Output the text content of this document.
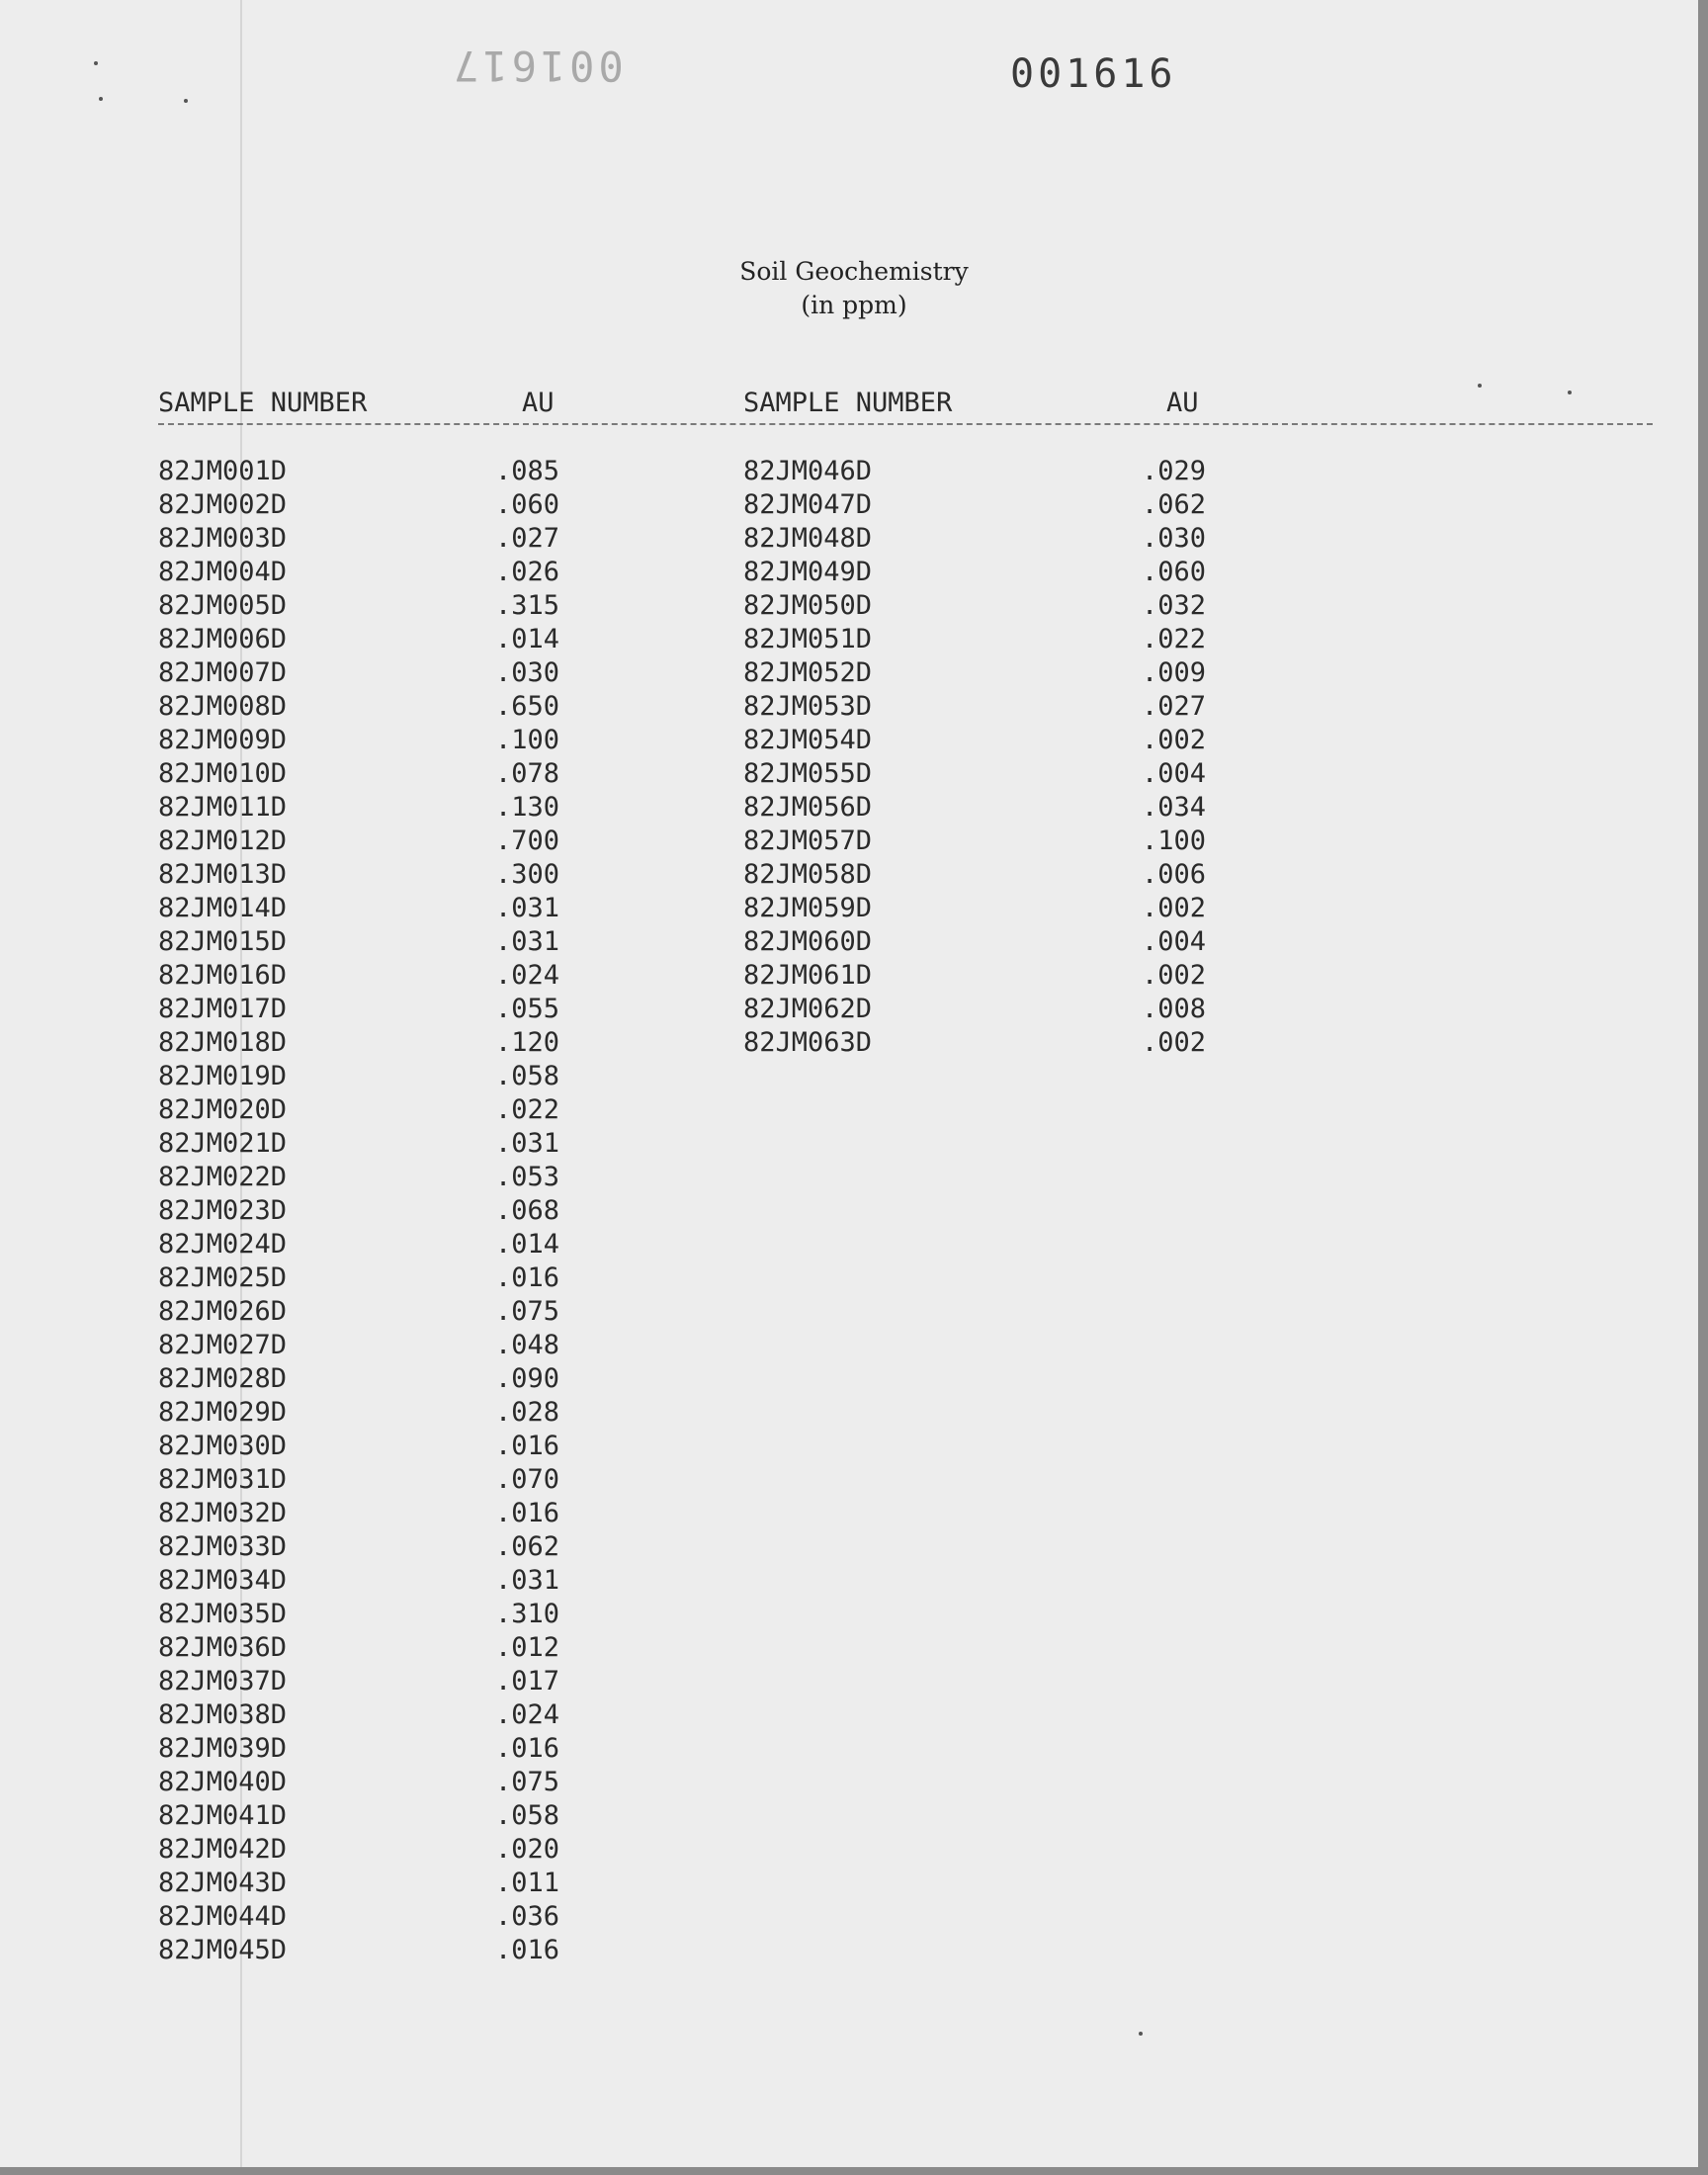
001617	001616
Soil Geochemistry
(in ppm)
SAMPLE NUMBER	AU	SAMPLE NUMBER	AU
82JM001D	.085
82JM002D	.060
82JM003D	.027
82JM004D	.026
82JM005D	.315
82JM006D	.014
82JM007D	.030
82JM008D	.650
82JM009D	.100
82JM010D	.078
82JM011D	.130
82JM012D	.700
82JM013D	.300
82JM014D	.031
82JM015D	.031
82JM016D	.024
82JM017D	.055
82JM018D	.120
82JM019D	.058
82JM020D	.022
82JM021D	.031
82JM022D	.053
82JM023D	.068
82JM024D	.014
82JM025D	.016
82JM026D	.075
82JM027D	.048
82JM028D	.090
82JM029D	.028
82JM030D	.016
82JM031D	.070
82JM032D	.016
82JM033D	.062
82JM034D	.031
82JM035D	.310
82JM036D	.012
82JM037D	.017
82JM038D	.024
82JM039D	.016
82JM040D	.075
82JM041D	.058
82JM042D	.020
82JM043D	.011
82JM044D	.036
82JM045D	.016
82JM046D	.029
82JM047D	.062
82JM048D	.030
82JM049D	.060
82JM050D	.032
82JM051D	.022
82JM052D	.009
82JM053D	.027
82JM054D	.002
82JM055D	.004
82JM056D	.034
82JM057D	.100
82JM058D	.006
82JM059D	.002
82JM060D	.004
82JM061D	.002
82JM062D	.008
82JM063D	.002
